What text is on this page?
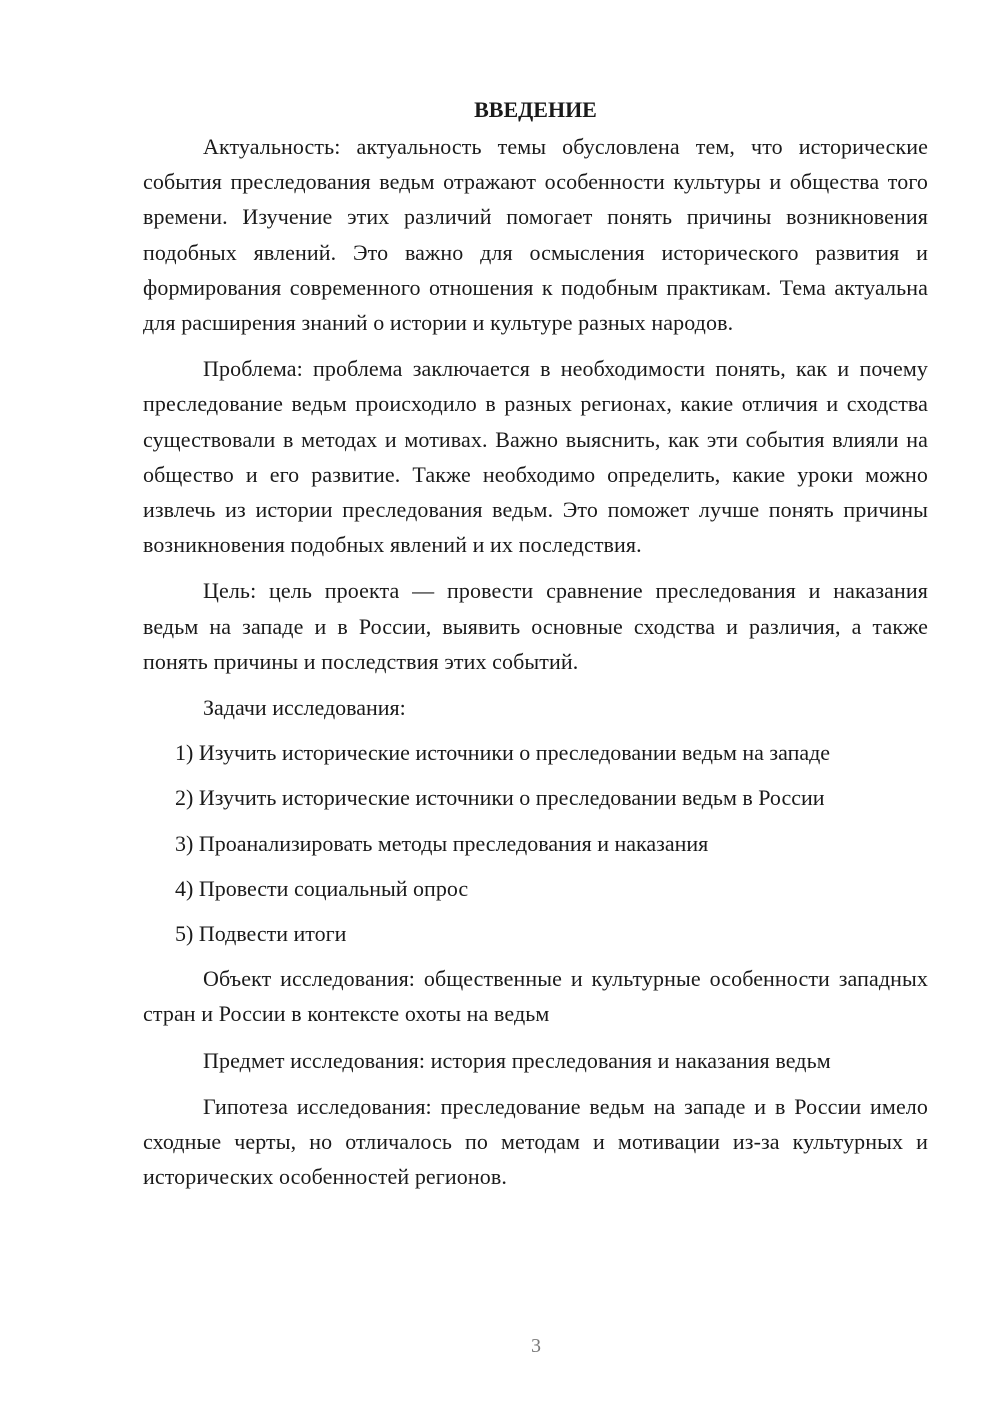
ВВЕДЕНИЕ

Актуальность: актуальность темы обусловлена тем, что исторические события преследования ведьм отражают особенности культуры и общества того времени. Изучение этих различий помогает понять причины возникновения подобных явлений. Это важно для осмысления исторического развития и формирования современного отношения к подобным практикам. Тема актуальна для расширения знаний о истории и культуре разных народов.

Проблема: проблема заключается в необходимости понять, как и почему преследование ведьм происходило в разных регионах, какие отличия и сходства существовали в методах и мотивах. Важно выяснить, как эти события влияли на общество и его развитие. Также необходимо определить, какие уроки можно извлечь из истории преследования ведьм. Это поможет лучше понять причины возникновения подобных явлений и их последствия.

Цель: цель проекта — провести сравнение преследования и наказания ведьм на западе и в России, выявить основные сходства и различия, а также понять причины и последствия этих событий.

Задачи исследования:

1) Изучить исторические источники о преследовании ведьм на западе

2) Изучить исторические источники о преследовании ведьм в России

3) Проанализировать методы преследования и наказания

4) Провести социальный опрос

5) Подвести итоги

Объект исследования: общественные и культурные особенности западных стран и России в контексте охоты на ведьм

Предмет исследования: история преследования и наказания ведьм

Гипотеза исследования: преследование ведьм на западе и в России имело сходные черты, но отличалось по методам и мотивации из-за культурных и исторических особенностей регионов.

3
